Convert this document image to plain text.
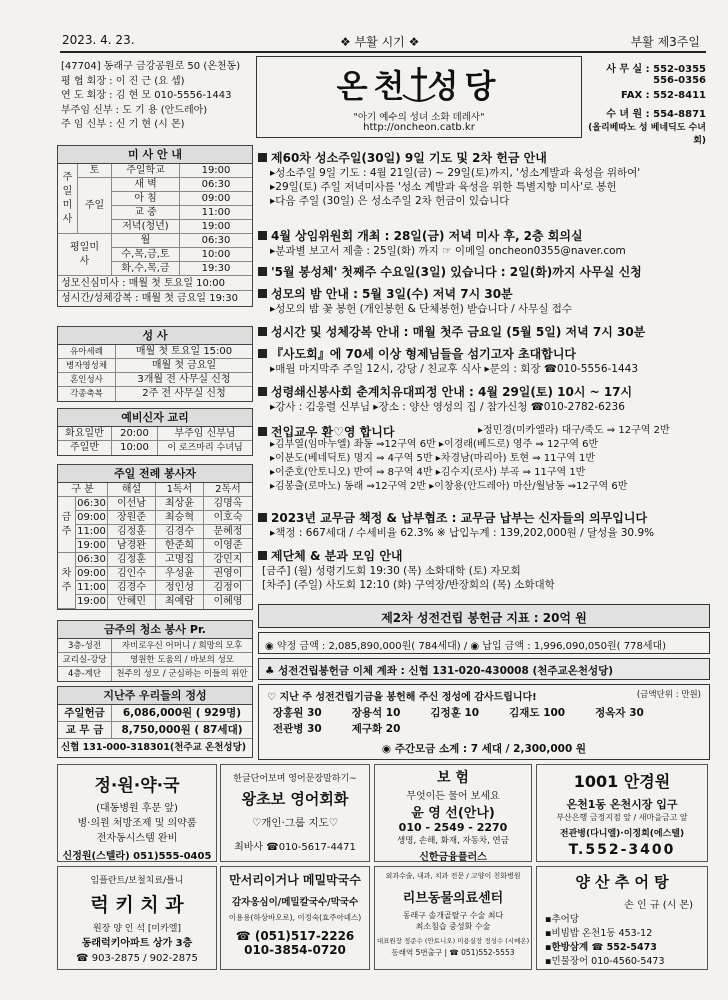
2023. 4. 23.	❖ 부활 시기 ❖	부활 제3주일
[47704] 동래구 금강공원로 50 (온천동)
평 협 회장 : 이 진 근 (요 셉)
연 도 회장 : 김 현 모 010-5556-1443
부주임 신부 : 도 기 용 (안드레아)
주 임 신부 : 신 기 현 (시 몬)
온천 성당
"아기 예수의 성녀 소화 데레사"
http://oncheon.catb.kr
사 무 실 : 552-0355
556-0356
FAX : 552-8411
수 녀 원 : 554-8871
(올리베따노 성 베네딕도 수녀회)
미 사 안 내
주일미사
토	주일학교	19:00
주일
새 벽	06:30
아 침	09:00
교 중	11:00
저녁(청년)	19:00
평일미사
월	06:30
수,목,금,토	10:00
화,수,목,금	19:30
성모신심미사 : 매월 첫 토요일 10:00
성시간/성체강복 : 매월 첫 금요일 19:30
성 사
유아세례	매월 첫 토요일 15:00
병자영성체	매월 첫 금요일
혼인성사	3개월 전 사무실 신청
각종축복	2주 전 사무실 신청
예비신자 교리
화요일반	20:00	부주임 신부님
주일반	10:00	이 로즈마리 수녀님
주일 전례 봉사자
구 분	해설	1독서	2독서
금주
06:30	이선남	최상윤	김명옥
09:00	장원준	최승혁	이호숙
11:00	김정훈	김경수	문혜정
19:00	남경완	한준희	이영준
차주
06:30	김정훈	고명집	강민지
09:00	김인수	우성윤	권영이
11:00	김경수	정인성	김정이
19:00	안혜민	최예람	이혜영
금주의 청소 봉사 Pr.
3층-성전	자비로우신 어머니 / 희망의 모후
교리실-강당	영원한 도움의 / 바보의 성모
4층-계단	천주의 성모 / 군심하는 이들의 위안
지난주 우리들의 정성
주일헌금	6,086,000원 ( 929명)
교 무 금	8,750,000원 ( 87세대)
신협 131-000-318301(천주교 온천성당)
제60차 성소주일(30일) 9일 기도 및 2차 헌금 안내
▸성소주일 9일 기도 : 4월 21일(금) ~ 29일(토)까지, '성소계발과 육성을 위하여'
▸29일(토) 주일 저녁미사를 '성소 계발과 육성을 위한 특별지향 미사'로 봉헌
▸다음 주일 (30일) 은 성소주일 2차 헌금이 있습니다
4월 상임위원회 개최 : 28일(금) 저녁 미사 후, 2층 회의실
▸분과별 보고서 제출 : 25일(화) 까지 ☞ 이메일 oncheon0355@naver.com
'5월 봉성체' 첫째주 수요일(3일) 있습니다 : 2일(화)까지 사무실 신청
성모의 밤 안내 : 5월 3일(수) 저녁 7시 30분
▸성모의 밤 꽃 봉헌 (개인봉헌 & 단체봉헌) 받습니다 / 사무실 접수
성시간 및 성체강복 안내 : 매월 첫주 금요일 (5월 5일) 저녁 7시 30분
『사도회』에 70세 이상 형제님들을 섬기고자 초대합니다
▸매월 마지막주 주일 12시, 강당 / 친교후 식사 ▸문의 : 회장 ☎010-5556-1443
성령쇄신봉사회 춘계치유대피정 안내 : 4월 29일(토) 10시 ~ 17시
▸강사 : 김웅렬 신부님 ▸장소 : 양산 영성의 집 / 참가신청 ☎010-2782-6236
전입교우 환♡영 합니다	▸정민경(미카엘라) 대구/죽도 ⇒ 12구역 2반
▸김부열(임마누엘) 좌동 ⇒12구역 6반 ▸이경래(베드로) 영주 ⇒ 12구역 6반
▸이분도(베네딕토) 명지 ⇒ 4구역 5반 ▸차경남(마리아) 토현 ⇒ 11구역 1반
▸이준호(안토니오) 반여 ⇒ 8구역 4반 ▸김수지(로사) 부곡 ⇒ 11구역 1반
▸김봉출(로마노) 동래 ⇒12구역 2반 ▸이창용(안드레아) 마산/월남동 ⇒12구역 6반
2023년 교무금 책정 & 납부협조 : 교무금 납부는 신자들의 의무입니다
▸책정 : 667세대 / 수세비율 62.3% ※ 납입누계 : 139,202,000원 / 달성율 30.9%
제단체 & 분과 모임 안내
[금주] (월) 성령기도회 19:30 (목) 소화대학 (토) 자모회
[차주] (주일) 사도회 12:10 (화) 구역장/반장회의 (목) 소화대학
제2차 성전건립 봉헌금 지표 : 20억 원
◉ 약정 금액 : 2,085,890,000원( 784세대) / ◉ 납입 금액 : 1,996,090,050원( 778세대)
♣ 성전건립봉헌금 이체 계좌 : 신협 131-020-430008 (천주교온천성당)
♡ 지난 주 성전건립기금을 봉헌해 주신 정성에 감사드립니다!	(금액단위 : 만원)
장홍원 30	장용석 10	김정훈 10	김재도 100	정옥자 30
전관병 30	제구화 20
◉ 주간모금 소계 : 7 세대 / 2,300,000 원
정·원·약·국
(대동병원 후문 앞)
병·의원 처방조제 및 의약품
전자동시스템 완비
신정원(스텔라) 051)555-0405
한글단어보며 영어문장말하기~
왕초보 영어회화
♡개인·그룹 지도♡
최바사 ☎010-5617-4471
보 험
무엇이든 물어 보세요
윤 영 선(안나)
010 - 2549 - 2270
생명, 손해, 화재, 자동차, 연금
신한금융플러스
1001 안경원
온천1동 온천시장 입구
부산은행 금정지점 앞 / 새마을금고 앞
전관병(다니엘)·이정희(에스텔)
T.552-3400
임플란트/보철치료/틀니
럭 키 치 과
원장 양 인 석 [미카엘]
동래럭키아파트 상가 3층
☎ 903-2875 / 902-2875
만서리이거나 메밀막국수
감자옹심이/메밀칼국수/막국수
이용용(하상바오로), 이정숙(효주아녜스)
☎ (051)517-2226
010-3854-0720
외과수술, 내과, 치과 전문 / 고양이 친화병원
리브동물의료센터
동래구 솔개골탈구 수술 최다
최소침습 중성화 수술
대표원장 정준수 (안토니오) 미용실장 정성수 (시메온)
동래역 5번출구 | ☎ 051)552-5553
양 산 추 어 탕
손 인 규 (시 몬)
▪추어당
▪비빔밥 온천1동 453-12
▪한방삼계 ☎ 552-5473
▪민물장어 010-4560-5473
